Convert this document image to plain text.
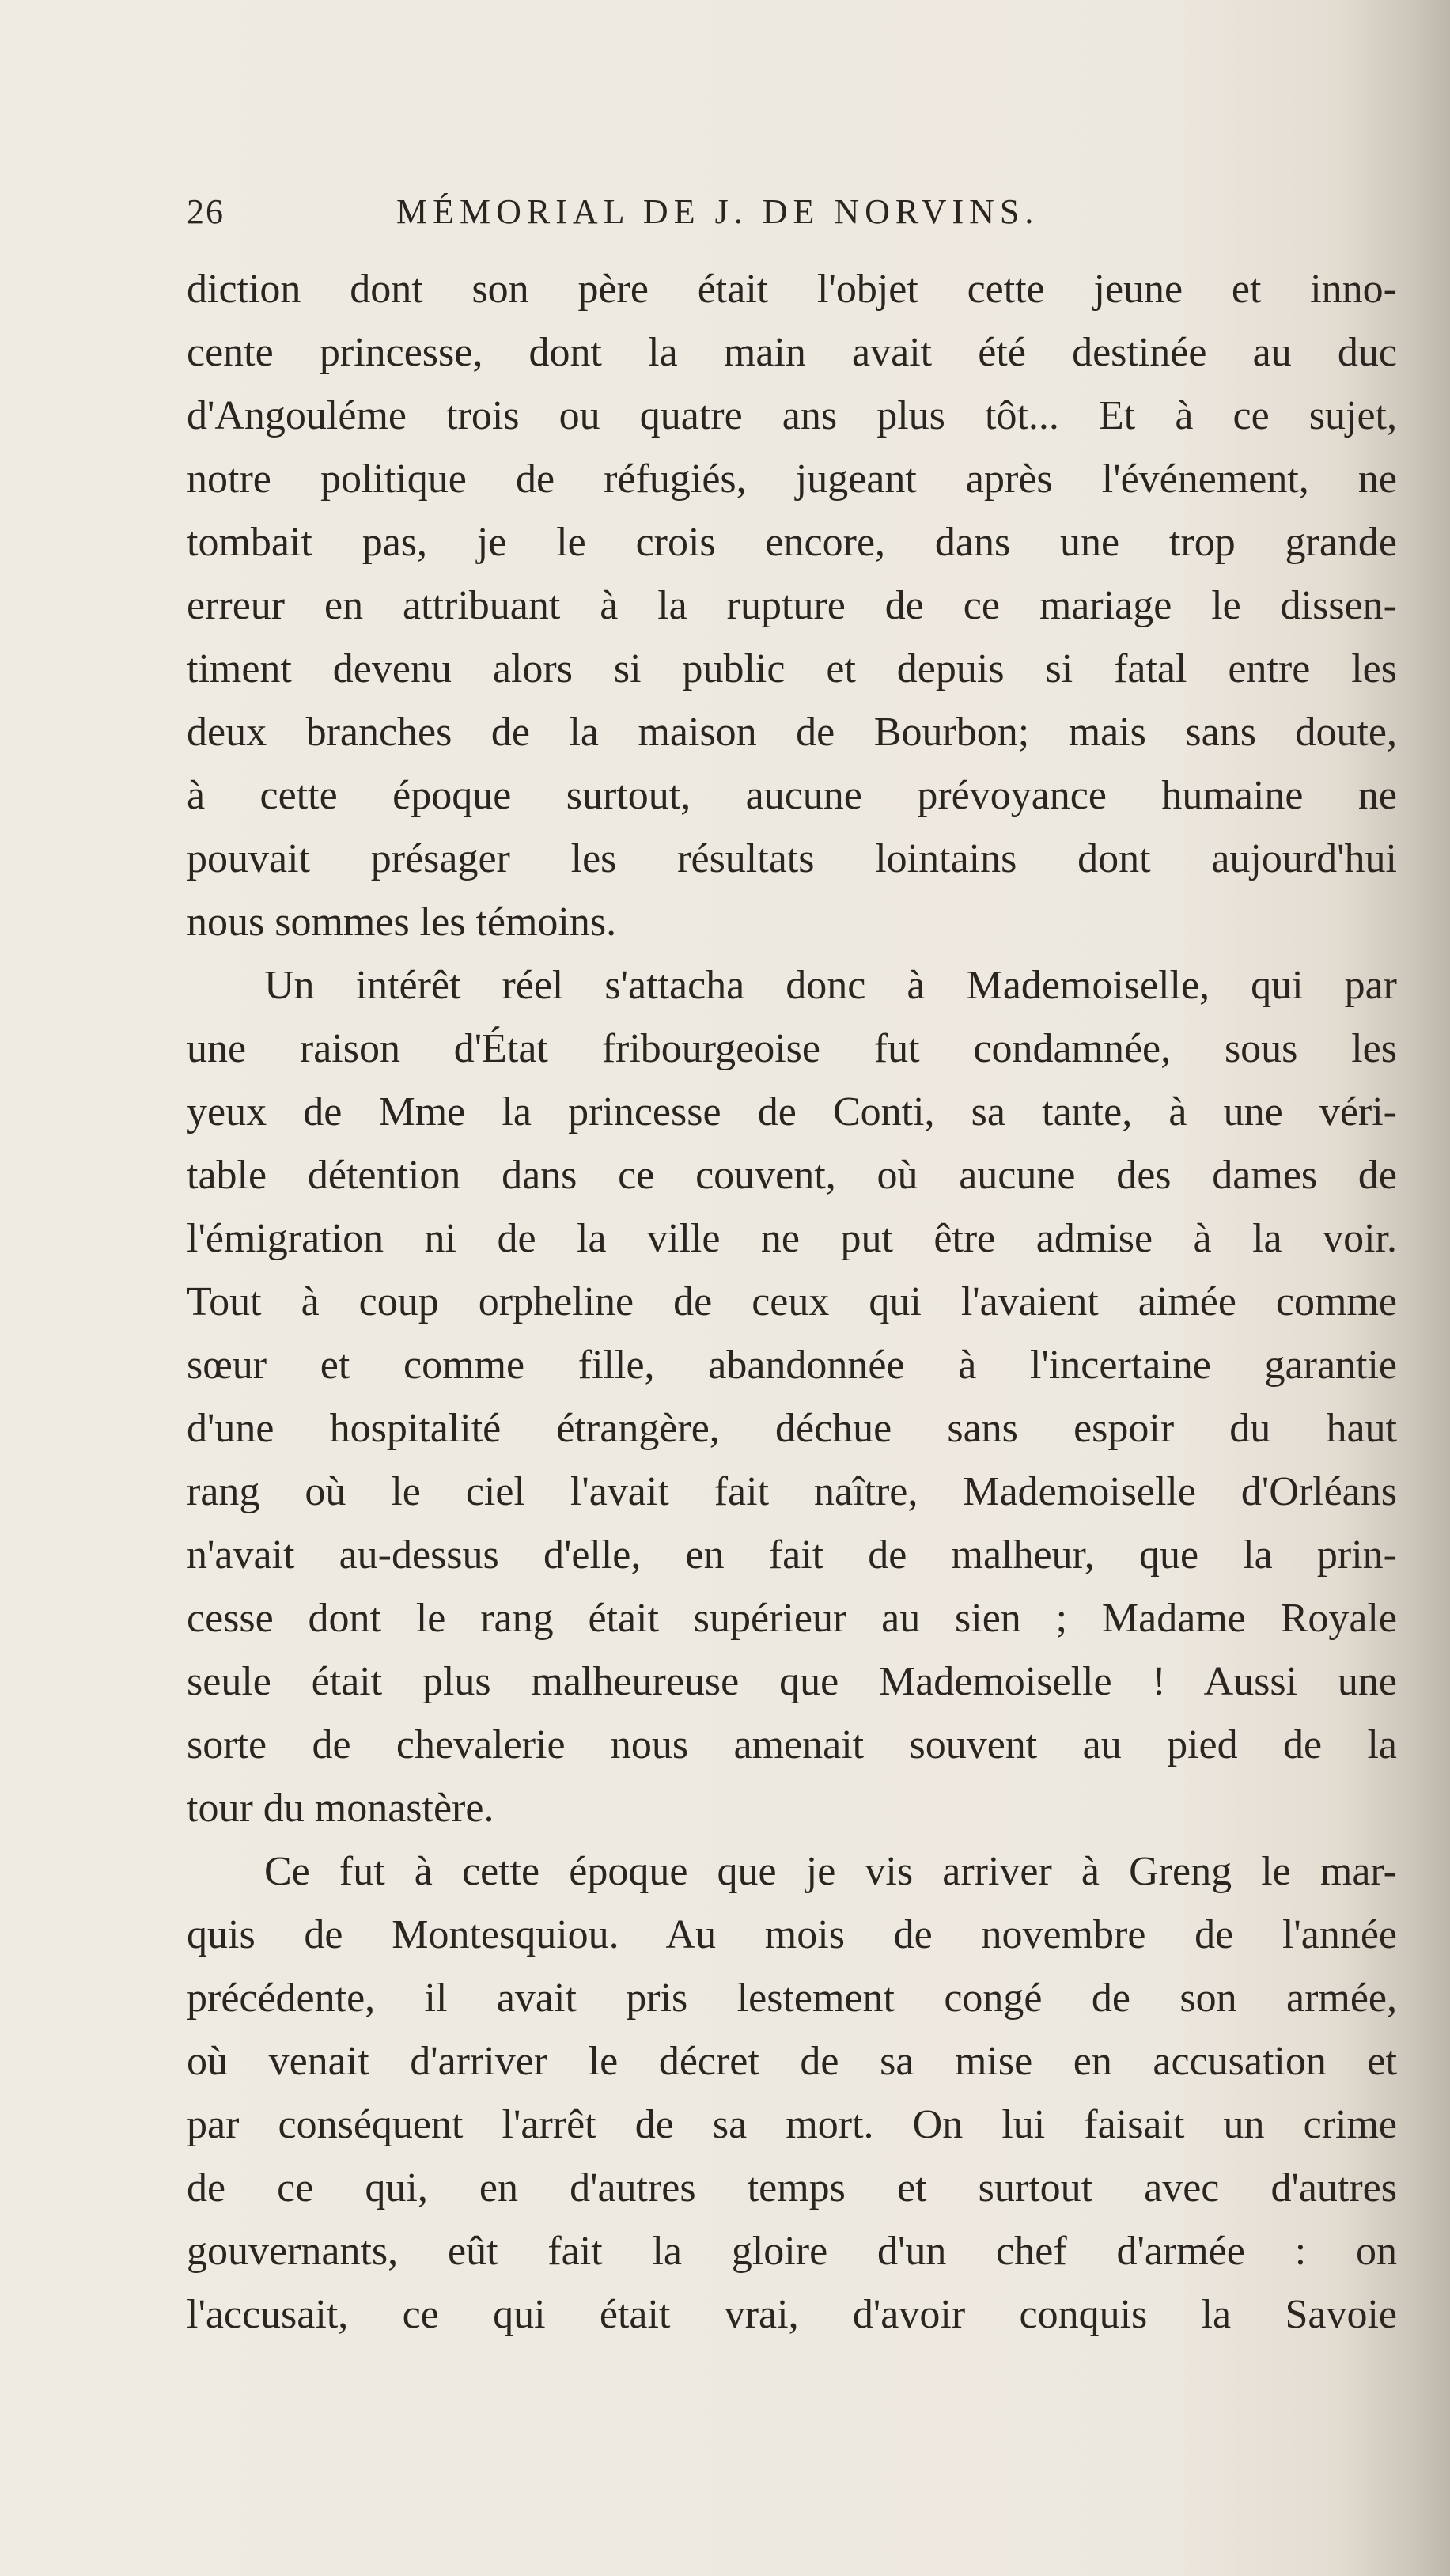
26	MÉMORIAL DE J. DE NORVINS.
diction dont son père était l'objet cette jeune et inno-
cente princesse, dont la main avait été destinée au duc
d'Angouléme trois ou quatre ans plus tôt... Et à ce sujet,
notre politique de réfugiés, jugeant après l'événement, ne
tombait pas, je le crois encore, dans une trop grande
erreur en attribuant à la rupture de ce mariage le dissen-
timent devenu alors si public et depuis si fatal entre les
deux branches de la maison de Bourbon; mais sans doute,
à cette époque surtout, aucune prévoyance humaine ne
pouvait présager les résultats lointains dont aujourd'hui
nous sommes les témoins.
Un intérêt réel s'attacha donc à Mademoiselle, qui par
une raison d'État fribourgeoise fut condamnée, sous les
yeux de Mme la princesse de Conti, sa tante, à une véri-
table détention dans ce couvent, où aucune des dames de
l'émigration ni de la ville ne put être admise à la voir.
Tout à coup orpheline de ceux qui l'avaient aimée comme
sœur et comme fille, abandonnée à l'incertaine garantie
d'une hospitalité étrangère, déchue sans espoir du haut
rang où le ciel l'avait fait naître, Mademoiselle d'Orléans
n'avait au-dessus d'elle, en fait de malheur, que la prin-
cesse dont le rang était supérieur au sien ; Madame Royale
seule était plus malheureuse que Mademoiselle ! Aussi une
sorte de chevalerie nous amenait souvent au pied de la
tour du monastère.
Ce fut à cette époque que je vis arriver à Greng le mar-
quis de Montesquiou. Au mois de novembre de l'année
précédente, il avait pris lestement congé de son armée,
où venait d'arriver le décret de sa mise en accusation et
par conséquent l'arrêt de sa mort. On lui faisait un crime
de ce qui, en d'autres temps et surtout avec d'autres
gouvernants, eût fait la gloire d'un chef d'armée : on
l'accusait, ce qui était vrai, d'avoir conquis la Savoie
